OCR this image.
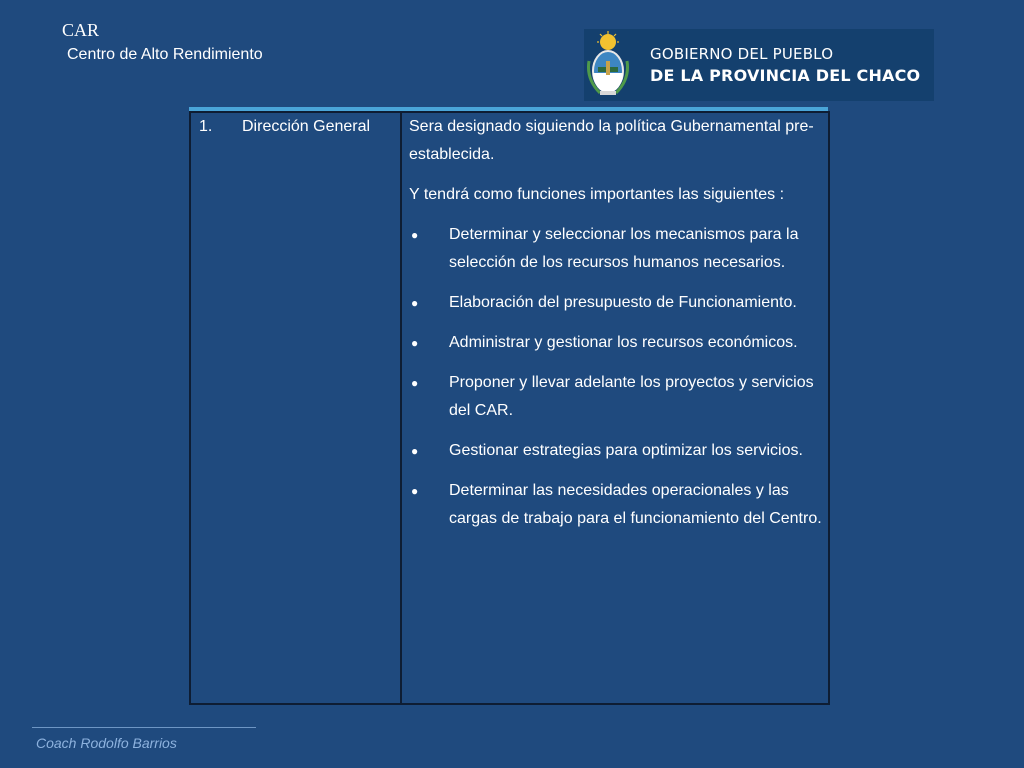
CAR
Centro de Alto Rendimiento	GOBIERNO DEL PUEBLO
DE LA PROVINCIA DEL CHACO
1.	Dirección General	Sera designado siguiendo la política Gubernamental pre-establecida.

Y tendrá como funciones importantes las siguientes :

●	Determinar y seleccionar los mecanismos para la selección de los recursos humanos necesarios.
●	Elaboración del presupuesto de Funcionamiento.
●	Administrar y gestionar los recursos económicos.
●	Proponer y llevar adelante los proyectos y servicios del CAR.
●	Gestionar estrategias para optimizar los servicios.
●	Determinar las necesidades operacionales y las cargas de trabajo para el funcionamiento del Centro.
Coach Rodolfo Barrios
